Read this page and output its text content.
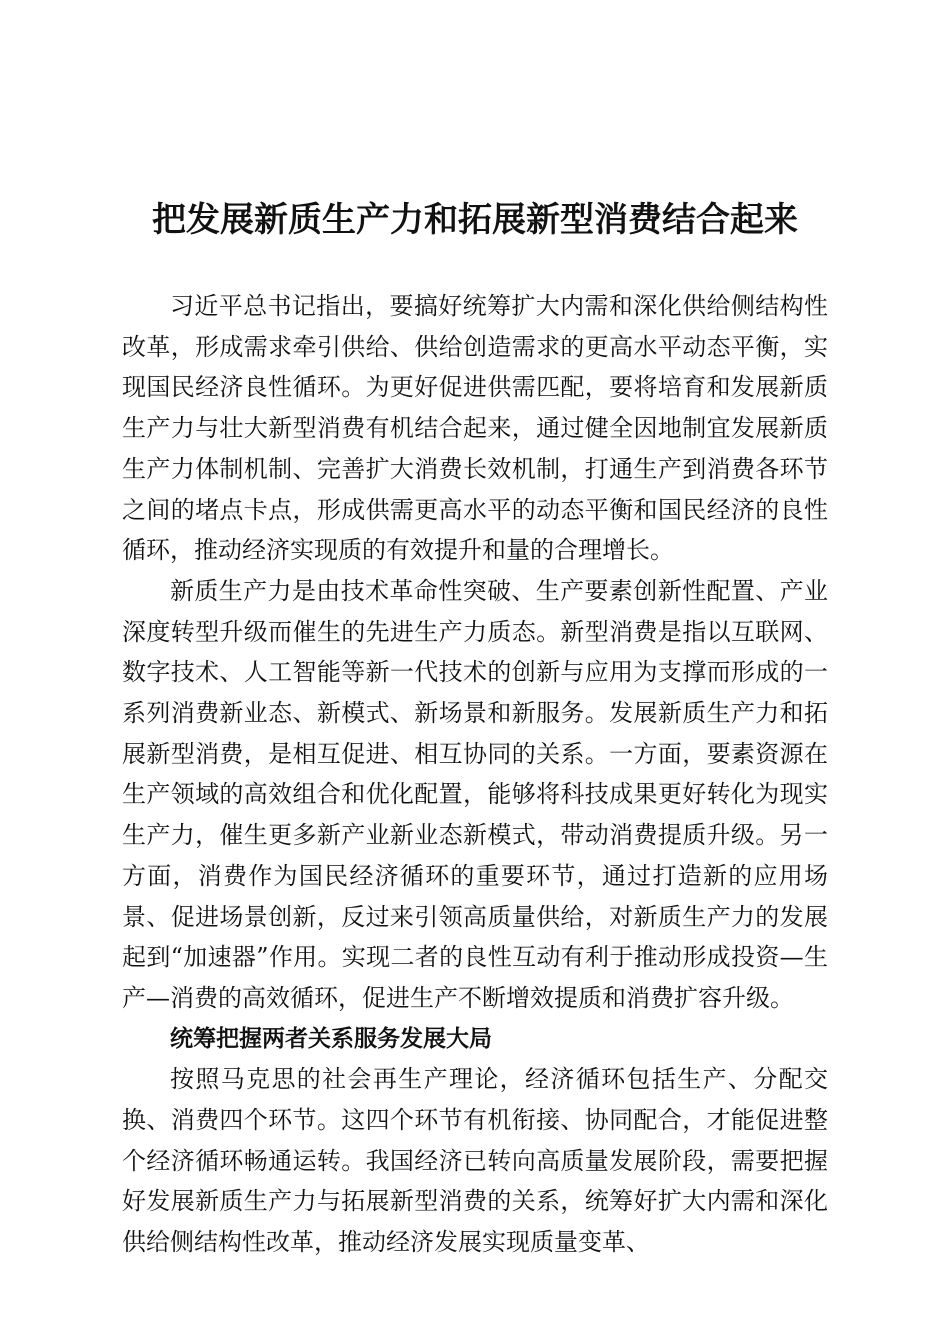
把发展新质生产力和拓展新型消费结合起来

习近平总书记指出，要搞好统筹扩大内需和深化供给侧结构性改革，形成需求牵引供给、供给创造需求的更高水平动态平衡，实现国民经济良性循环。为更好促进供需匹配，要将培育和发展新质生产力与壮大新型消费有机结合起来，通过健全因地制宜发展新质生产力体制机制、完善扩大消费长效机制，打通生产到消费各环节之间的堵点卡点，形成供需更高水平的动态平衡和国民经济的良性循环，推动经济实现质的有效提升和量的合理增长。

新质生产力是由技术革命性突破、生产要素创新性配置、产业深度转型升级而催生的先进生产力质态。新型消费是指以互联网、数字技术、人工智能等新一代技术的创新与应用为支撑而形成的一系列消费新业态、新模式、新场景和新服务。发展新质生产力和拓展新型消费，是相互促进、相互协同的关系。一方面，要素资源在生产领域的高效组合和优化配置，能够将科技成果更好转化为现实生产力，催生更多新产业新业态新模式，带动消费提质升级。另一方面，消费作为国民经济循环的重要环节，通过打造新的应用场景、促进场景创新，反过来引领高质量供给，对新质生产力的发展起到“加速器”作用。实现二者的良性互动有利于推动形成投资—生产—消费的高效循环，促进生产不断增效提质和消费扩容升级。

统筹把握两者关系服务发展大局

按照马克思的社会再生产理论，经济循环包括生产、分配交换、消费四个环节。这四个环节有机衔接、协同配合，才能促进整个经济循环畅通运转。我国经济已转向高质量发展阶段，需要把握好发展新质生产力与拓展新型消费的关系，统筹好扩大内需和深化供给侧结构性改革，推动经济发展实现质量变革、
